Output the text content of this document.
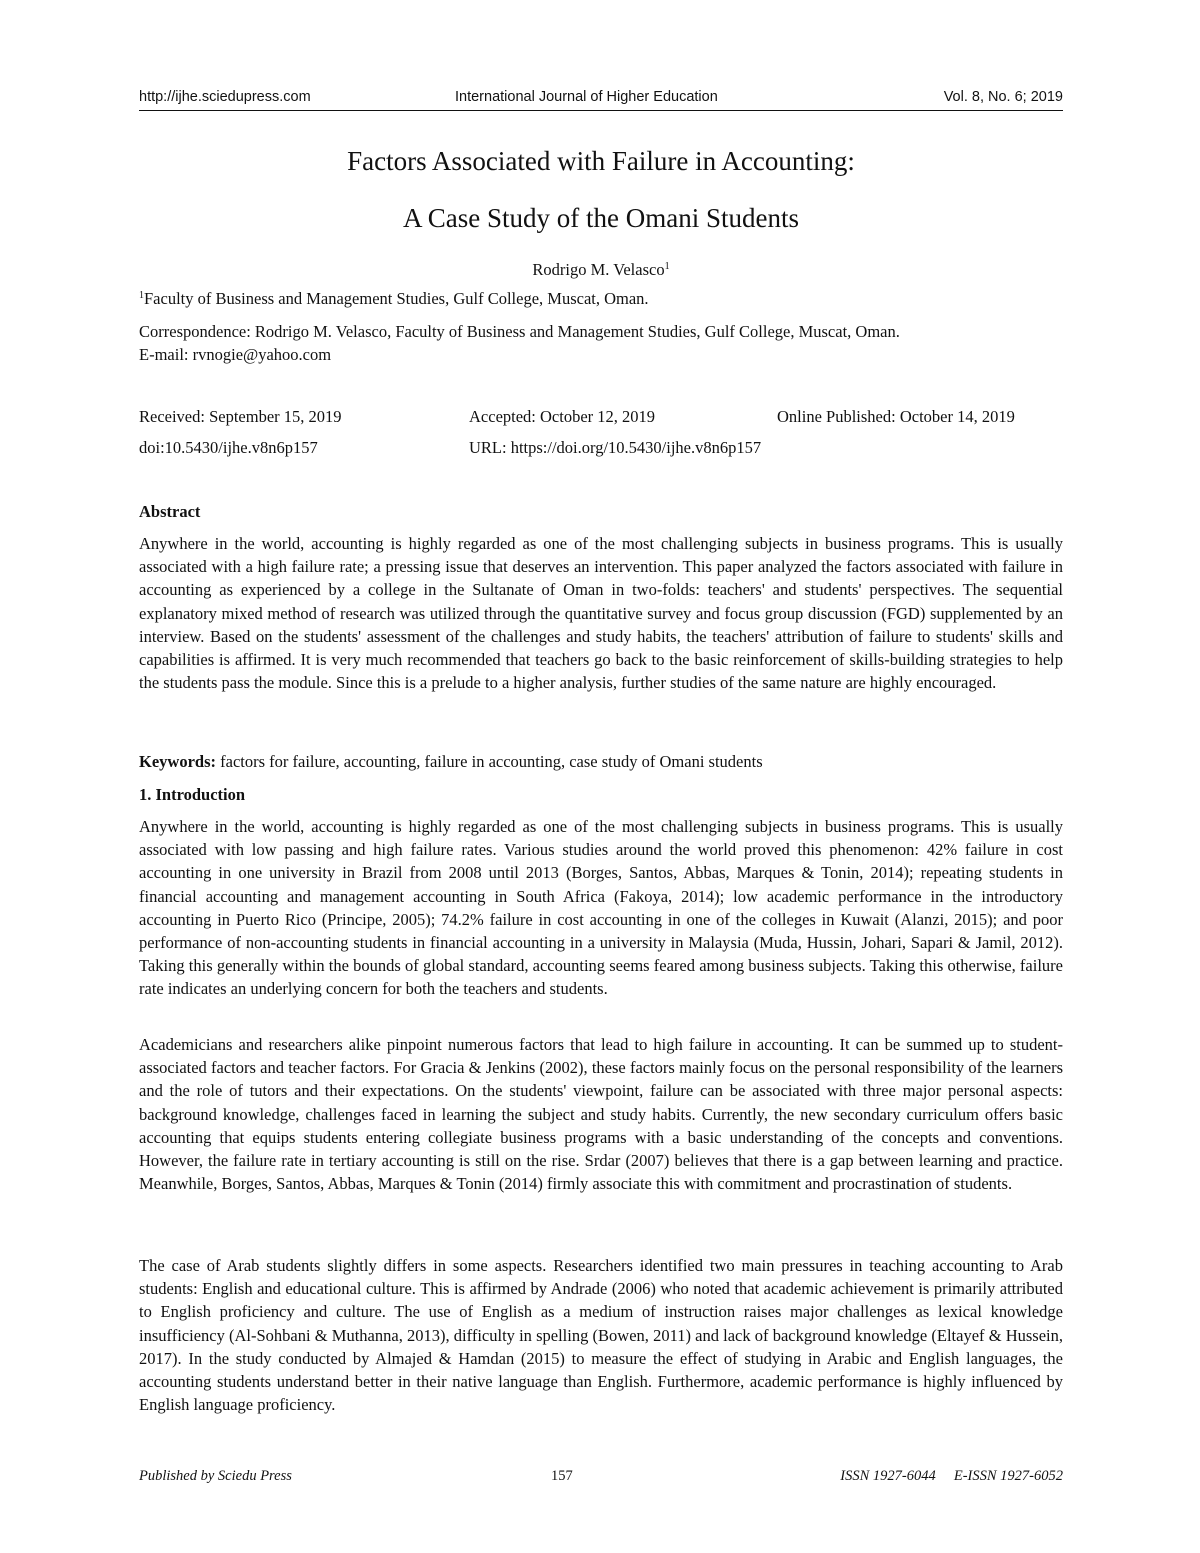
http://ijhe.sciedupress.com	International Journal of Higher Education	Vol. 8, No. 6; 2019
Factors Associated with Failure in Accounting:
A Case Study of the Omani Students
Rodrigo M. Velasco$^1$
$^1$Faculty of Business and Management Studies, Gulf College, Muscat, Oman.
Correspondence: Rodrigo M. Velasco, Faculty of Business and Management Studies, Gulf College, Muscat, Oman.
E-mail: rvnogie@yahoo.com
Received: September 15, 2019	Accepted: October 12, 2019	Online Published: October 14, 2019
doi:10.5430/ijhe.v8n6p157	URL: https://doi.org/10.5430/ijhe.v8n6p157
Abstract

Anywhere in the world, accounting is highly regarded as one of the most challenging subjects in business programs. This is usually associated with a high failure rate; a pressing issue that deserves an intervention. This paper analyzed the factors associated with failure in accounting as experienced by a college in the Sultanate of Oman in two-folds: teachers' and students' perspectives. The sequential explanatory mixed method of research was utilized through the quantitative survey and focus group discussion (FGD) supplemented by an interview. Based on the students' assessment of the challenges and study habits, the teachers' attribution of failure to students' skills and capabilities is affirmed. It is very much recommended that teachers go back to the basic reinforcement of skills-building strategies to help the students pass the module. Since this is a prelude to a higher analysis, further studies of the same nature are highly encouraged.

Keywords: factors for failure, accounting, failure in accounting, case study of Omani students
1. Introduction

Anywhere in the world, accounting is highly regarded as one of the most challenging subjects in business programs. This is usually associated with low passing and high failure rates. Various studies around the world proved this phenomenon: 42% failure in cost accounting in one university in Brazil from 2008 until 2013 (Borges, Santos, Abbas, Marques & Tonin, 2014); repeating students in financial accounting and management accounting in South Africa (Fakoya, 2014); low academic performance in the introductory accounting in Puerto Rico (Principe, 2005); 74.2% failure in cost accounting in one of the colleges in Kuwait (Alanzi, 2015); and poor performance of non-accounting students in financial accounting in a university in Malaysia (Muda, Hussin, Johari, Sapari & Jamil, 2012). Taking this generally within the bounds of global standard, accounting seems feared among business subjects. Taking this otherwise, failure rate indicates an underlying concern for both the teachers and students.

Academicians and researchers alike pinpoint numerous factors that lead to high failure in accounting. It can be summed up to student-associated factors and teacher factors. For Gracia & Jenkins (2002), these factors mainly focus on the personal responsibility of the learners and the role of tutors and their expectations. On the students' viewpoint, failure can be associated with three major personal aspects: background knowledge, challenges faced in learning the subject and study habits. Currently, the new secondary curriculum offers basic accounting that equips students entering collegiate business programs with a basic understanding of the concepts and conventions. However, the failure rate in tertiary accounting is still on the rise. Srdar (2007) believes that there is a gap between learning and practice. Meanwhile, Borges, Santos, Abbas, Marques & Tonin (2014) firmly associate this with commitment and procrastination of students.

The case of Arab students slightly differs in some aspects. Researchers identified two main pressures in teaching accounting to Arab students: English and educational culture. This is affirmed by Andrade (2006) who noted that academic achievement is primarily attributed to English proficiency and culture. The use of English as a medium of instruction raises major challenges as lexical knowledge insufficiency (Al-Sohbani & Muthanna, 2013), difficulty in spelling (Bowen, 2011) and lack of background knowledge (Eltayef & Hussein, 2017). In the study conducted by Almajed & Hamdan (2015) to measure the effect of studying in Arabic and English languages, the accounting students understand better in their native language than English. Furthermore, academic performance is highly influenced by English language proficiency.

Published by Sciedu Press	157	ISSN 1927-6044     E-ISSN 1927-6052
